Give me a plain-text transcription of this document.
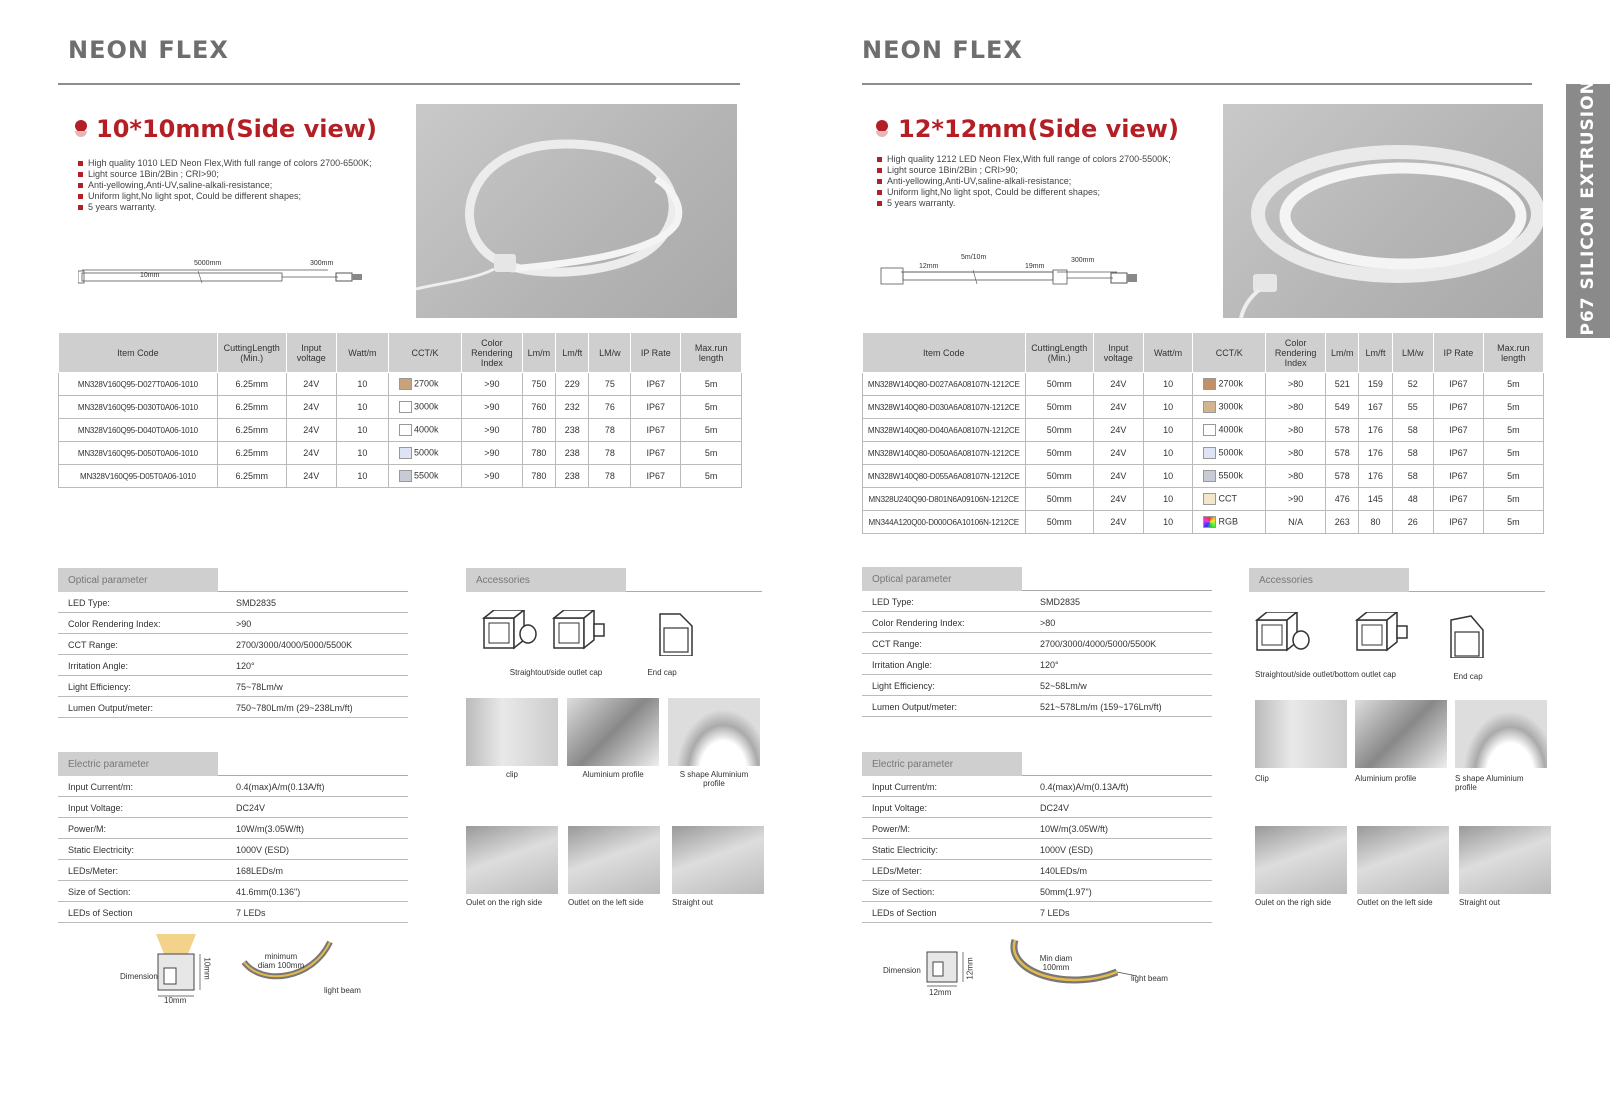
NEON FLEX
10*10mm(Side view)
High quality 1010 LED Neon Flex,With full range of colors 2700-6500K;
Light source 1Bin/2Bin ; CRI>90;
Anti-yellowing,Anti-UV,saline-alkali-resistance;
Uniform light,No light spot, Could be different shapes;
5 years warranty.
5000mm	300mm
10mm
Item Code	CuttingLength (Min.)	Input voltage	Watt/m	CCT/K	Color Rendering Index	Lm/m	Lm/ft	LM/w	IP Rate	Max.run length
MN328V160Q95-D027T0A06-1010	6.25mm	24V	10	2700k	>90	750	229	75	IP67	5m
MN328V160Q95-D030T0A06-1010	6.25mm	24V	10	3000k	>90	760	232	76	IP67	5m
MN328V160Q95-D040T0A06-1010	6.25mm	24V	10	4000k	>90	780	238	78	IP67	5m
MN328V160Q95-D050T0A06-1010	6.25mm	24V	10	5000k	>90	780	238	78	IP67	5m
MN328V160Q95-D05T0A06-1010	6.25mm	24V	10	5500k	>90	780	238	78	IP67	5m
Optical parameter
LED Type:	SMD2835
Color Rendering Index:	>90
CCT Range:	2700/3000/4000/5000/5500K
Irritation Angle:	120°
Light Efficiency:	75~78Lm/w
Lumen Output/meter:	750~780Lm/m (29~238Lm/ft)
Electric parameter
Input Current/m:	0.4(max)A/m(0.13A/ft)
Input Voltage:	DC24V
Power/M:	10W/m(3.05W/ft)
Static Electricity:	1000V (ESD)
LEDs/Meter:	168LEDs/m
Size of Section:	41.6mm(0.136")
LEDs of Section	7 LEDs
Accessories
Straightout/side outlet cap	End cap
clip	Aluminium profile	S shape Aluminium profile
Oulet on the righ side	Outlet on the left side	Straight out
Dimension
10mm
10mm
minimum diam 100mm
light beam
NEON FLEX
12*12mm(Side view)
High quality 1212 LED Neon Flex,With full range of colors 2700-5500K;
Light source 1Bin/2Bin ; CRI>90;
Anti-yellowing,Anti-UV,saline-alkali-resistance;
Uniform light,No light spot, Could be different shapes;
5 years warranty.
5m/10m	300mm
12mm	19mm
Item Code	CuttingLength (Min.)	Input voltage	Watt/m	CCT/K	Color Rendering Index	Lm/m	Lm/ft	LM/w	IP Rate	Max.run length
MN328W140Q80-D027A6A08107N-1212CE	50mm	24V	10	2700k	>80	521	159	52	IP67	5m
MN328W140Q80-D030A6A08107N-1212CE	50mm	24V	10	3000k	>80	549	167	55	IP67	5m
MN328W140Q80-D040A6A08107N-1212CE	50mm	24V	10	4000k	>80	578	176	58	IP67	5m
MN328W140Q80-D050A6A08107N-1212CE	50mm	24V	10	5000k	>80	578	176	58	IP67	5m
MN328W140Q80-D055A6A08107N-1212CE	50mm	24V	10	5500k	>80	578	176	58	IP67	5m
MN328U240Q90-D801N6A09106N-1212CE	50mm	24V	10	CCT	>90	476	145	48	IP67	5m
MN344A120Q00-D000O6A10106N-1212CE	50mm	24V	10	RGB	N/A	263	80	26	IP67	5m
Optical parameter
LED Type:	SMD2835
Color Rendering Index:	>80
CCT Range:	2700/3000/4000/5000/5500K
Irritation Angle:	120°
Light Efficiency:	52~58Lm/w
Lumen Output/meter:	521~578Lm/m (159~176Lm/ft)
Electric parameter
Input Current/m:	0.4(max)A/m(0.13A/ft)
Input Voltage:	DC24V
Power/M:	10W/m(3.05W/ft)
Static Electricity:	1000V (ESD)
LEDs/Meter:	140LEDs/m
Size of Section:	50mm(1.97")
LEDs of Section	7 LEDs
Accessories
Straightout/side outlet/bottom outlet cap	End cap
Clip	Aluminium profile	S shape Aluminium profile
Oulet on the righ side	Outlet on the left side	Straight out
Dimension
12mm
12mm	Min diam 100mm
light beam
IP67 SILICON EXTRUSION
